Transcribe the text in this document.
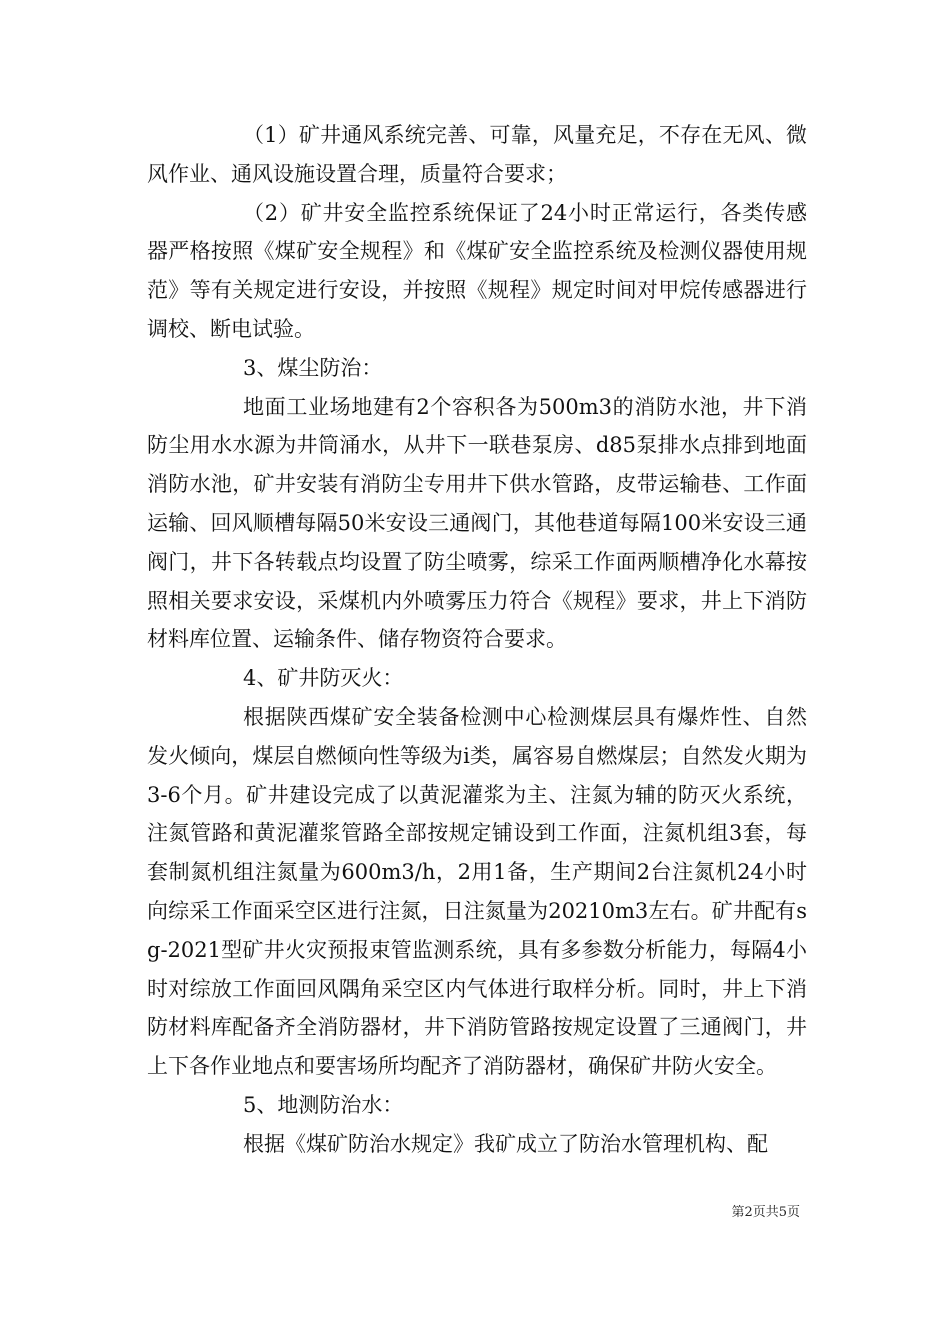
（1）矿井通风系统完善、可靠，风量充足，不存在无风、微风作业、通风设施设置合理，质量符合要求；

（2）矿井安全监控系统保证了24小时正常运行，各类传感器严格按照《煤矿安全规程》和《煤矿安全监控系统及检测仪器使用规范》等有关规定进行安设，并按照《规程》规定时间对甲烷传感器进行调校、断电试验。

3、煤尘防治：

地面工业场地建有2个容积各为500m3的消防水池，井下消防尘用水水源为井筒涌水，从井下一联巷泵房、d85泵排水点排到地面消防水池，矿井安装有消防尘专用井下供水管路，皮带运输巷、工作面运输、回风顺槽每隔50米安设三通阀门，其他巷道每隔100米安设三通阀门，井下各转载点均设置了防尘喷雾，综采工作面两顺槽净化水幕按照相关要求安设，采煤机内外喷雾压力符合《规程》要求，井上下消防材料库位置、运输条件、储存物资符合要求。

4、矿井防灭火：

根据陕西煤矿安全装备检测中心检测煤层具有爆炸性、自然发火倾向，煤层自燃倾向性等级为i类，属容易自燃煤层；自然发火期为3-6个月。矿井建设完成了以黄泥灌浆为主、注氮为辅的防灭火系统，注氮管路和黄泥灌浆管路全部按规定铺设到工作面，注氮机组3套，每套制氮机组注氮量为600m3/h，2用1备，生产期间2台注氮机24小时向综采工作面采空区进行注氮，日注氮量为20210m3左右。矿井配有sg-2021型矿井火灾预报束管监测系统，具有多参数分析能力，每隔4小时对综放工作面回风隅角采空区内气体进行取样分析。同时，井上下消防材料库配备齐全消防器材，井下消防管路按规定设置了三通阀门，井上下各作业地点和要害场所均配齐了消防器材，确保矿井防火安全。

5、地测防治水：

根据《煤矿防治水规定》我矿成立了防治水管理机构、配

第2页共5页
